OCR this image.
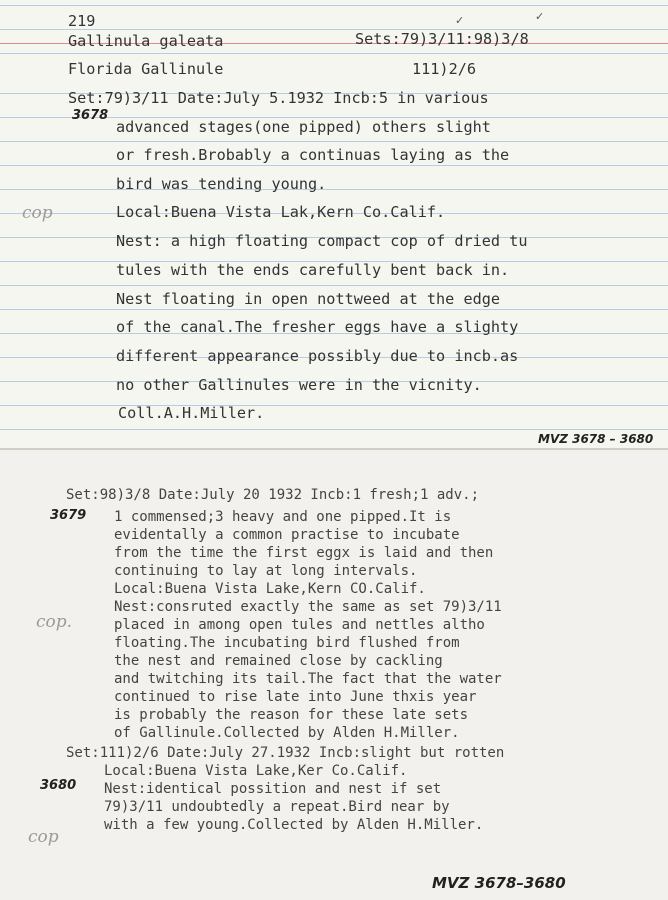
219
Gallinula galeata	Sets:79)3/11:98)3/8
✓	✓
Florida Gallinule	111)2/6
Set:79)3/11 Date:July 5.1932 Incb:5 in various
3678
advanced stages(one pipped) others slight
or fresh.Brobably a continuas laying as the
bird was tending young.
cop	Local:Buena Vista Lak,Kern Co.Calif.
Nest: a high floating compact cop of dried tu
tules with the ends carefully bent back in.
Nest floating in open nottweed at the edge
of the canal.The fresher eggs have a slighty
different appearance possibly due to incb.as
no other Gallinules were in the vicnity.
Coll.A.H.Miller.
MVZ 3678 – 3680
Set:98)3/8 Date:July 20 1932 Incb:1 fresh;1 adv.;
3679 1 commensed;3 heavy and one pipped.It is
evidentally a common practise to incubate
from the time the first eggx is laid and then
continuing to lay at long intervals.
Local:Buena Vista Lake,Kern CO.Calif.
cop.
Nest:consruted exactly the same as set 79)3/11
placed in among open tules and nettles altho
floating.The incubating bird flushed from
the nest and remained close by cackling
and twitching its tail.The fact that the water
continued to rise late into June thxis year
is probably the reason for these late sets
of Gallinule.Collected by Alden H.Miller.
Set:111)2/6 Date:July 27.1932 Incb:slight but rotten
3680
Local:Buena Vista Lake,Ker Co.Calif.
Nest:identical possition and nest if set
79)3/11 undoubtedly a repeat.Bird near by
cop
with a few young.Collected by Alden H.Miller.
MVZ 3678–3680
